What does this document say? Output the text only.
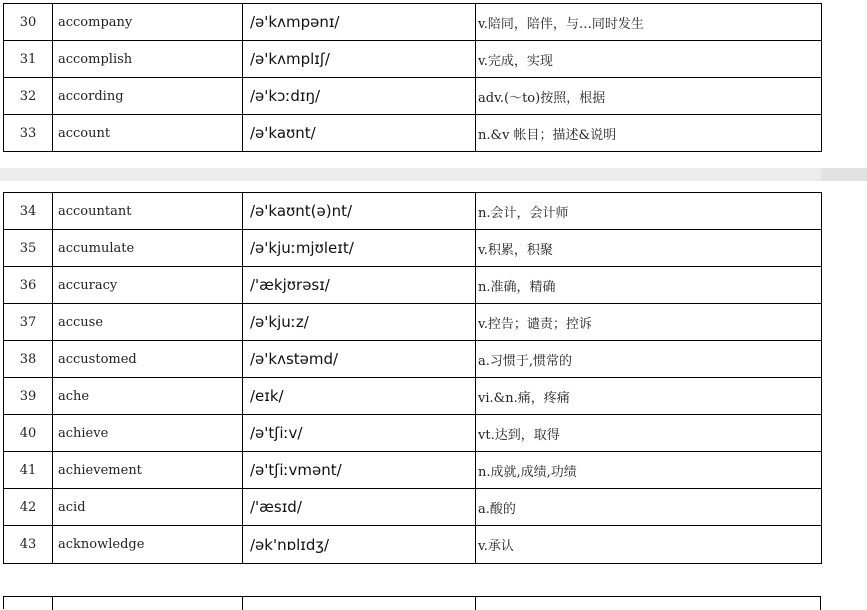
30	accompany	/ə'kʌmpənɪ/	v.陪同，陪伴，与…同时发生
31	accomplish	/ə'kʌmplɪʃ/	v.完成，实现
32	according	/ə'kɔːdɪŋ/	adv.(～to)按照，根据
33	account	/ə'kaʊnt/	n.&v 帐目；描述&说明
34	accountant	/ə'kaʊnt(ə)nt/	n.会计，会计师
35	accumulate	/ə'kjuːmjʊleɪt/	v.积累，积聚
36	accuracy	/'ækjʊrəsɪ/	n.准确，精确
37	accuse	/ə'kjuːz/	v.控告；谴责；控诉
38	accustomed	/ə'kʌstəmd/	a.习惯于,惯常的
39	ache	/eɪk/	vi.&n.痛，疼痛
40	achieve	/ə'tʃiːv/	vt.达到，取得
41	achievement	/ə'tʃiːvmənt/	n.成就,成绩,功绩
42	acid	/'æsɪd/	a.酸的
43	acknowledge	/ək'nɒlɪdʒ/	v.承认
